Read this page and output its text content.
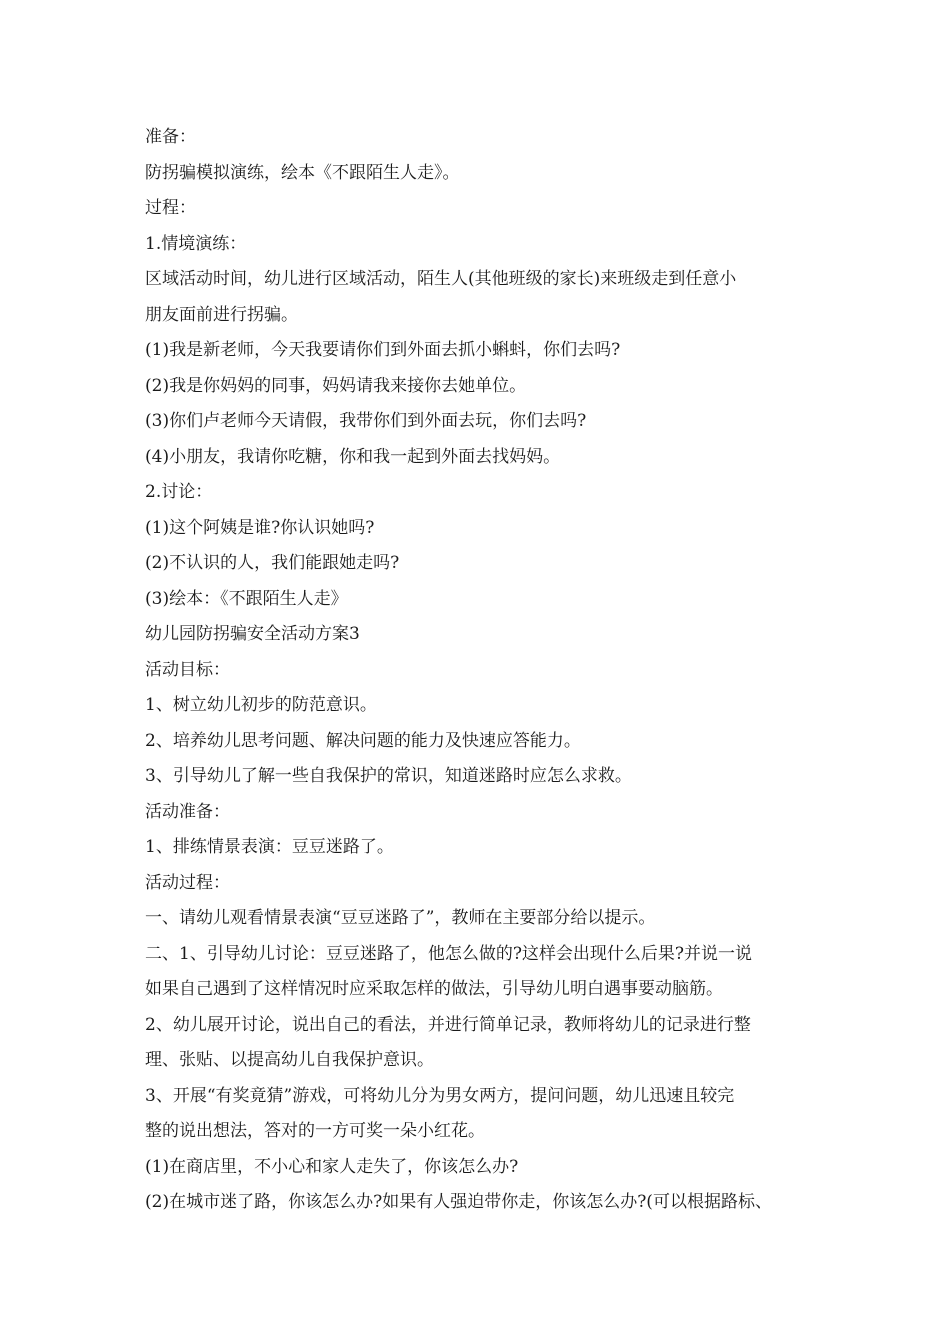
准备：
防拐骗模拟演练，绘本《不跟陌生人走》。
过程：
1.情境演练：
区域活动时间，幼儿进行区域活动，陌生人(其他班级的家长)来班级走到任意小
朋友面前进行拐骗。
(1)我是新老师，今天我要请你们到外面去抓小蝌蚪，你们去吗?
(2)我是你妈妈的同事，妈妈请我来接你去她单位。
(3)你们卢老师今天请假，我带你们到外面去玩，你们去吗?
(4)小朋友，我请你吃糖，你和我一起到外面去找妈妈。
2.讨论：
(1)这个阿姨是谁?你认识她吗?
(2)不认识的人，我们能跟她走吗?
(3)绘本：《不跟陌生人走》
幼儿园防拐骗安全活动方案3
活动目标：
1、树立幼儿初步的防范意识。
2、培养幼儿思考问题、解决问题的能力及快速应答能力。
3、引导幼儿了解一些自我保护的常识，知道迷路时应怎么求救。
活动准备：
1、排练情景表演：豆豆迷路了。
活动过程：
一、请幼儿观看情景表演“豆豆迷路了”，教师在主要部分给以提示。
二、1、引导幼儿讨论：豆豆迷路了，他怎么做的?这样会出现什么后果?并说一说
如果自己遇到了这样情况时应采取怎样的做法，引导幼儿明白遇事要动脑筋。
2、幼儿展开讨论，说出自己的看法，并进行简单记录，教师将幼儿的记录进行整
理、张贴、以提高幼儿自我保护意识。
3、开展“有奖竟猜”游戏，可将幼儿分为男女两方，提问问题，幼儿迅速且较完
整的说出想法，答对的一方可奖一朵小红花。
(1)在商店里，不小心和家人走失了，你该怎么办?
(2)在城市迷了路，你该怎么办?如果有人强迫带你走，你该怎么办?(可以根据路标、
